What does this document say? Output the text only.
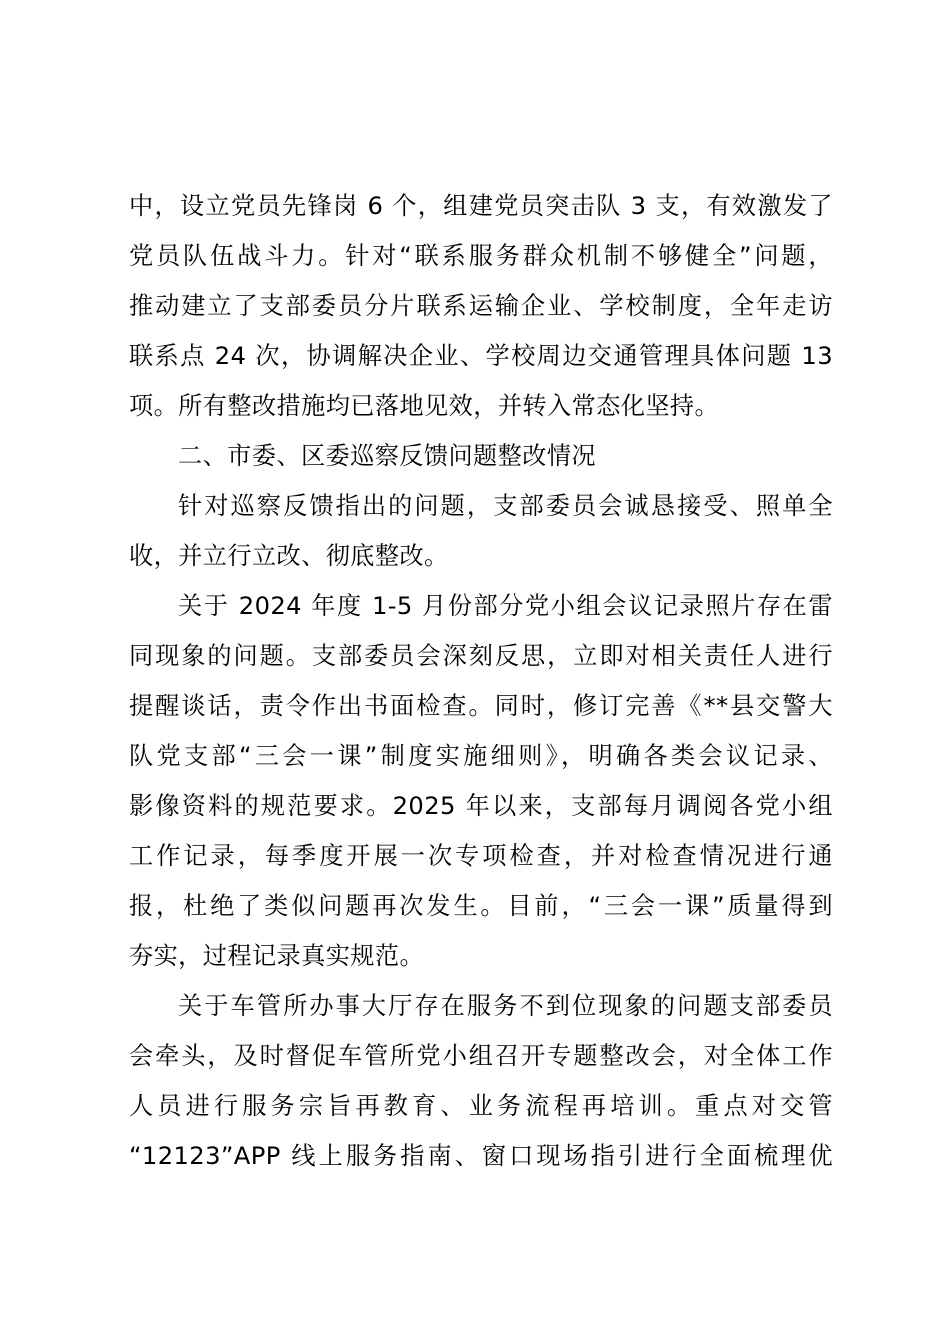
中，设立党员先锋岗 6 个，组建党员突击队 3 支，有效激发了
党员队伍战斗力。针对“联系服务群众机制不够健全”问题，
推动建立了支部委员分片联系运输企业、学校制度，全年走访
联系点 24 次，协调解决企业、学校周边交通管理具体问题 13
项。所有整改措施均已落地见效，并转入常态化坚持。

二、市委、区委巡察反馈问题整改情况

针对巡察反馈指出的问题，支部委员会诚恳接受、照单全
收，并立行立改、彻底整改。

关于 2024 年度 1-5 月份部分党小组会议记录照片存在雷
同现象的问题。支部委员会深刻反思，立即对相关责任人进行
提醒谈话，责令作出书面检查。同时，修订完善《**县交警大
队党支部“三会一课”制度实施细则》，明确各类会议记录、
影像资料的规范要求。2025 年以来，支部每月调阅各党小组
工作记录，每季度开展一次专项检查，并对检查情况进行通
报，杜绝了类似问题再次发生。目前，“三会一课”质量得到
夯实，过程记录真实规范。

关于车管所办事大厅存在服务不到位现象的问题支部委员
会牵头，及时督促车管所党小组召开专题整改会，对全体工作
人员进行服务宗旨再教育、业务流程再培训。重点对交管
“12123”APP 线上服务指南、窗口现场指引进行全面梳理优
